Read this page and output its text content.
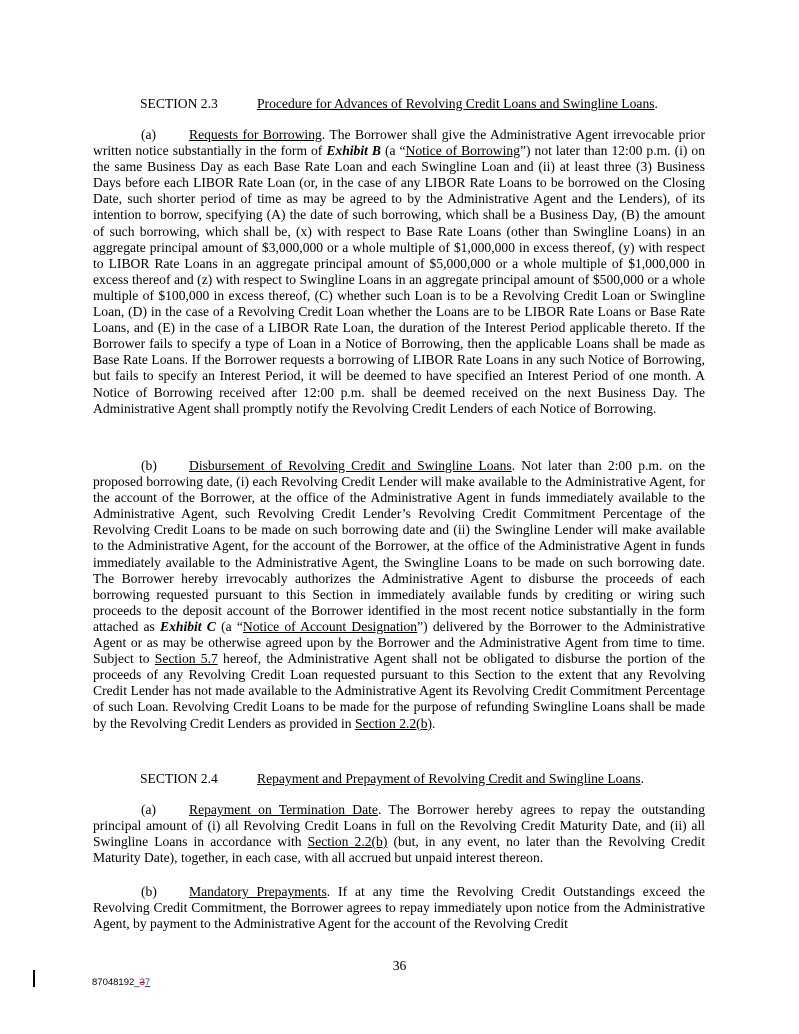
SECTION 2.3	Procedure for Advances of Revolving Credit Loans and Swingline Loans.
(a) Requests for Borrowing. The Borrower shall give the Administrative Agent irrevocable prior written notice substantially in the form of Exhibit B (a “Notice of Borrowing”) not later than 12:00 p.m. (i) on the same Business Day as each Base Rate Loan and each Swingline Loan and (ii) at least three (3) Business Days before each LIBOR Rate Loan (or, in the case of any LIBOR Rate Loans to be borrowed on the Closing Date, such shorter period of time as may be agreed to by the Administrative Agent and the Lenders), of its intention to borrow, specifying (A) the date of such borrowing, which shall be a Business Day, (B) the amount of such borrowing, which shall be, (x) with respect to Base Rate Loans (other than Swingline Loans) in an aggregate principal amount of $3,000,000 or a whole multiple of $1,000,000 in excess thereof, (y) with respect to LIBOR Rate Loans in an aggregate principal amount of $5,000,000 or a whole multiple of $1,000,000 in excess thereof and (z) with respect to Swingline Loans in an aggregate principal amount of $500,000 or a whole multiple of $100,000 in excess thereof, (C) whether such Loan is to be a Revolving Credit Loan or Swingline Loan, (D) in the case of a Revolving Credit Loan whether the Loans are to be LIBOR Rate Loans or Base Rate Loans, and (E) in the case of a LIBOR Rate Loan, the duration of the Interest Period applicable thereto. If the Borrower fails to specify a type of Loan in a Notice of Borrowing, then the applicable Loans shall be made as Base Rate Loans. If the Borrower requests a borrowing of LIBOR Rate Loans in any such Notice of Borrowing, but fails to specify an Interest Period, it will be deemed to have specified an Interest Period of one month. A Notice of Borrowing received after 12:00 p.m. shall be deemed received on the next Business Day. The Administrative Agent shall promptly notify the Revolving Credit Lenders of each Notice of Borrowing.
(b) Disbursement of Revolving Credit and Swingline Loans. Not later than 2:00 p.m. on the proposed borrowing date, (i) each Revolving Credit Lender will make available to the Administrative Agent, for the account of the Borrower, at the office of the Administrative Agent in funds immediately available to the Administrative Agent, such Revolving Credit Lender’s Revolving Credit Commitment Percentage of the Revolving Credit Loans to be made on such borrowing date and (ii) the Swingline Lender will make available to the Administrative Agent, for the account of the Borrower, at the office of the Administrative Agent in funds immediately available to the Administrative Agent, the Swingline Loans to be made on such borrowing date. The Borrower hereby irrevocably authorizes the Administrative Agent to disburse the proceeds of each borrowing requested pursuant to this Section in immediately available funds by crediting or wiring such proceeds to the deposit account of the Borrower identified in the most recent notice substantially in the form attached as Exhibit C (a “Notice of Account Designation”) delivered by the Borrower to the Administrative Agent or as may be otherwise agreed upon by the Borrower and the Administrative Agent from time to time. Subject to Section 5.7 hereof, the Administrative Agent shall not be obligated to disburse the portion of the proceeds of any Revolving Credit Loan requested pursuant to this Section to the extent that any Revolving Credit Lender has not made available to the Administrative Agent its Revolving Credit Commitment Percentage of such Loan. Revolving Credit Loans to be made for the purpose of refunding Swingline Loans shall be made by the Revolving Credit Lenders as provided in Section 2.2(b).
SECTION 2.4	Repayment and Prepayment of Revolving Credit and Swingline Loans.
(a) Repayment on Termination Date. The Borrower hereby agrees to repay the outstanding principal amount of (i) all Revolving Credit Loans in full on the Revolving Credit Maturity Date, and (ii) all Swingline Loans in accordance with Section 2.2(b) (but, in any event, no later than the Revolving Credit Maturity Date), together, in each case, with all accrued but unpaid interest thereon.
(b) Mandatory Prepayments. If at any time the Revolving Credit Outstandings exceed the Revolving Credit Commitment, the Borrower agrees to repay immediately upon notice from the Administrative Agent, by payment to the Administrative Agent for the account of the Revolving Credit
36
87048192_37
